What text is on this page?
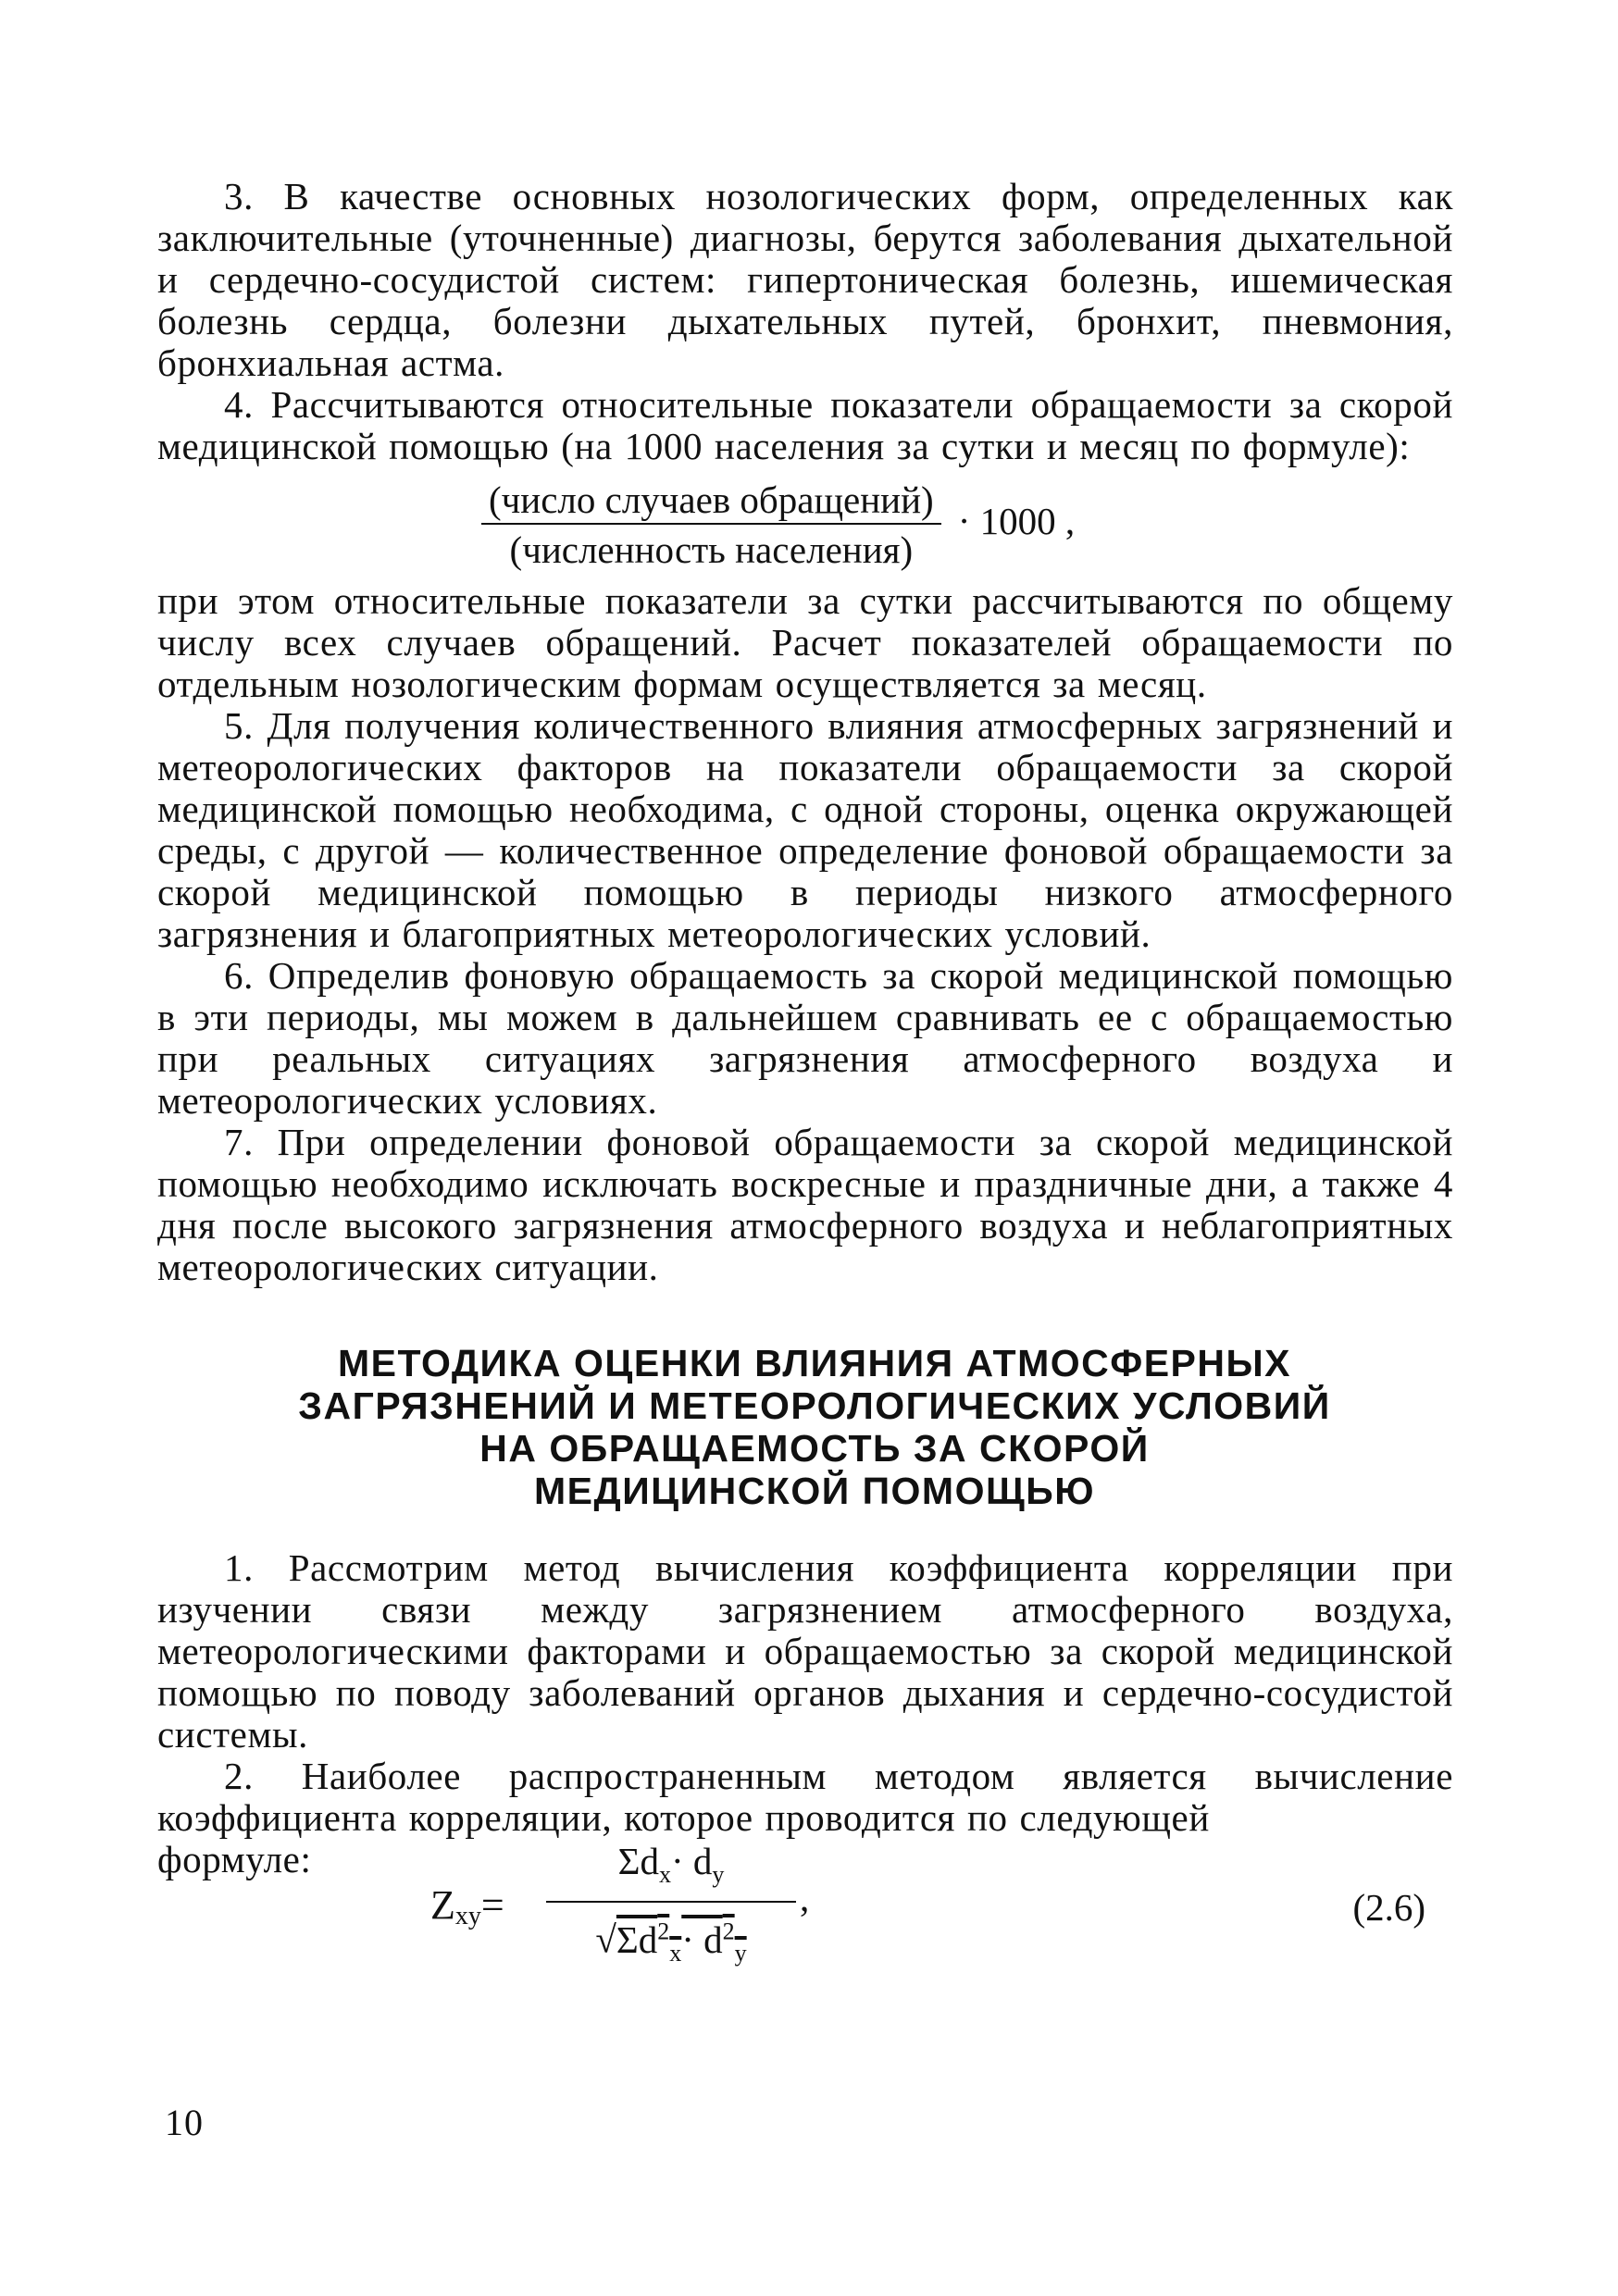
3. В качестве основных нозологических форм, определенных как заключительные (уточненные) диагнозы, берутся заболевания дыхательной и сердечно-сосудистой систем: гипертоническая болезнь, ишемическая болезнь сердца, болезни дыхательных путей, бронхит, пневмония, бронхиальная астма.

4. Рассчитываются относительные показатели обращаемости за скорой медицинской помощью (на 1000 населения за сутки и месяц по формуле):

$\frac{\text{(число случаев обращений)}}{\text{(численность населения)}} \cdot 1000$ ,

при этом относительные показатели за сутки рассчитываются по общему числу всех случаев обращений. Расчет показателей обращаемости по отдельным нозологическим формам осуществляется за месяц.

5. Для получения количественного влияния атмосферных загрязнений и метеорологических факторов на показатели обращаемости за скорой медицинской помощью необходима, с одной стороны, оценка окружающей среды, с другой — количественное определение фоновой обращаемости за скорой медицинской помощью в периоды низкого атмосферного загрязнения и благоприятных метеорологических условий.

6. Определив фоновую обращаемость за скорой медицинской помощью в эти периоды, мы можем в дальнейшем сравнивать ее с обращаемостью при реальных ситуациях загрязнения атмосферного воздуха и метеорологических условиях.

7. При определении фоновой обращаемости за скорой медицинской помощью необходимо исключать воскресные и праздничные дни, а также 4 дня после высокого загрязнения атмосферного воздуха и неблагоприятных метеорологических ситуации.

МЕТОДИКА ОЦЕНКИ ВЛИЯНИЯ АТМОСФЕРНЫХ
ЗАГРЯЗНЕНИЙ И МЕТЕОРОЛОГИЧЕСКИХ УСЛОВИЙ
НА ОБРАЩАЕМОСТЬ ЗА СКОРОЙ
МЕДИЦИНСКОЙ ПОМОЩЬЮ

1. Рассмотрим метод вычисления коэффициента корреляции при изучении связи между загрязнением атмосферного воздуха, метеорологическими факторами и обращаемостью за скорой медицинской помощью по поводу заболеваний органов дыхания и сердечно-сосудистой системы.

2. Наиболее распространенным методом является вычисление коэффициента корреляции, которое проводится по следующей

формуле:
$Z_{xy}=$
$\Sigma d_x\cdot d_y$
$√\Sigma d^2_x\cdot d^2_y$
,	(2.6)
10
